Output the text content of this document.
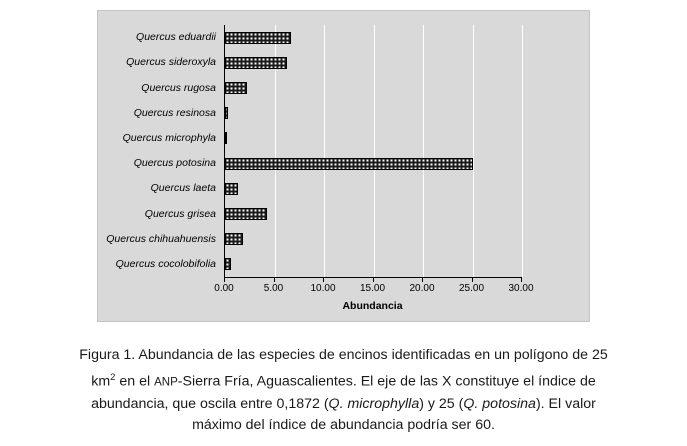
Quercus eduardii
Quercus sideroxyla
Quercus rugosa
Quercus resinosa
Quercus microphyla
Quercus potosina
Quercus laeta
Quercus grisea
Quercus chihuahuensis
Quercus cocolobifolia
0.00	5.00	10.00 15.00 20.00 25.00 30.00
Abundancia
Figura 1. Abundancia de las especies de encinos identificadas en un polígono de 25
$km^2$ en el ANP-Sierra Fría, Aguascalientes. El eje de las X constituye el índice de
abundancia, que oscila entre 0,1872 (Q. microphylla) y 25 (Q. potosina). El valor
máximo del índice de abundancia podría ser 60.
